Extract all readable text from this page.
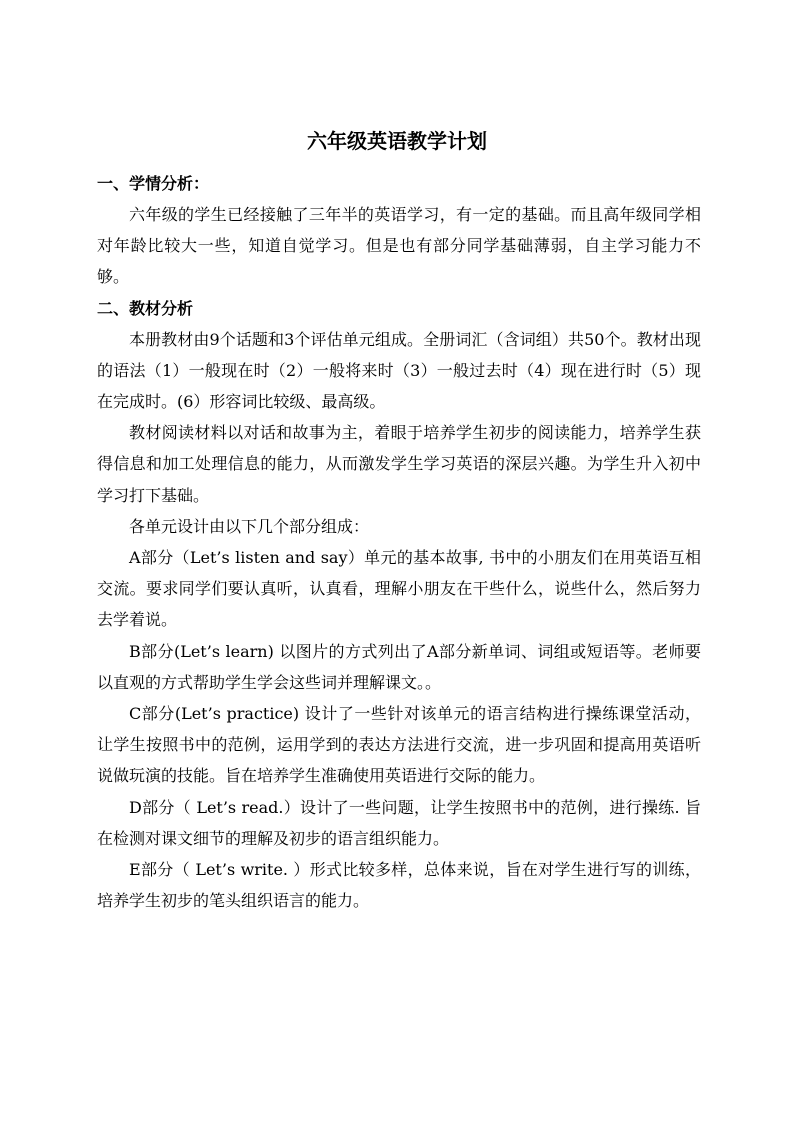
六年级英语教学计划

一、学情分析：

六年级的学生已经接触了三年半的英语学习，有一定的基础。而且高年级同学相对年龄比较大一些，知道自觉学习。但是也有部分同学基础薄弱，自主学习能力不够。

二、教材分析

本册教材由9个话题和3个评估单元组成。全册词汇（含词组）共50个。教材出现的语法（1）一般现在时（2）一般将来时（3）一般过去时（4）现在进行时（5）现在完成时。(6）形容词比较级、最高级。

教材阅读材料以对话和故事为主，着眼于培养学生初步的阅读能力，培养学生获得信息和加工处理信息的能力，从而激发学生学习英语的深层兴趣。为学生升入初中学习打下基础。

各单元设计由以下几个部分组成：

A部分（Let’s listen and say）单元的基本故事, 书中的小朋友们在用英语互相交流。要求同学们要认真听，认真看，理解小朋友在干些什么，说些什么，然后努力去学着说。

B部分(Let’s learn) 以图片的方式列出了A部分新单词、词组或短语等。老师要以直观的方式帮助学生学会这些词并理解课文。。

C部分(Let’s practice) 设计了一些针对该单元的语言结构进行操练课堂活动，让学生按照书中的范例，运用学到的表达方法进行交流，进一步巩固和提高用英语听说做玩演的技能。旨在培养学生准确使用英语进行交际的能力。

D部分（ Let’s read.）设计了一些问题，让学生按照书中的范例，进行操练. 旨在检测对课文细节的理解及初步的语言组织能力。

E部分（ Let’s write. ）形式比较多样，总体来说，旨在对学生进行写的训练，培养学生初步的笔头组织语言的能力。
